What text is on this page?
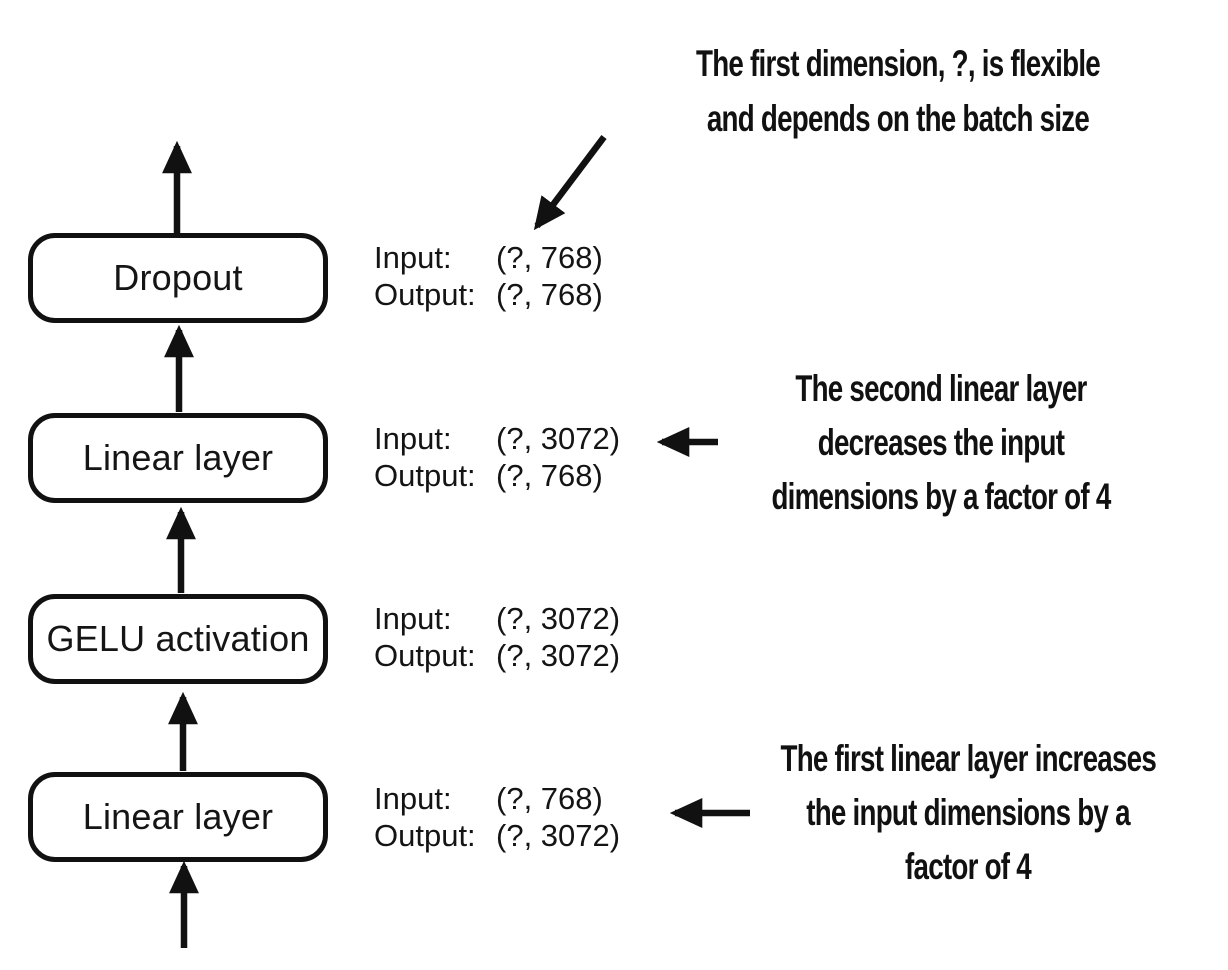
Dropout
Linear layer
GELU activation
Linear layer
Input:	(?, 768)
Output: (?, 768)
Input:	(?, 3072)
Output: (?, 768)
Input:	(?, 3072)
Output: (?, 3072)
Input:	(?, 768)
Output: (?, 3072)
The first dimension, ?, is flexible
and depends on the batch size
The second linear layer
decreases the input
dimensions by a factor of 4
The first linear layer increases
the input dimensions by a
factor of 4
